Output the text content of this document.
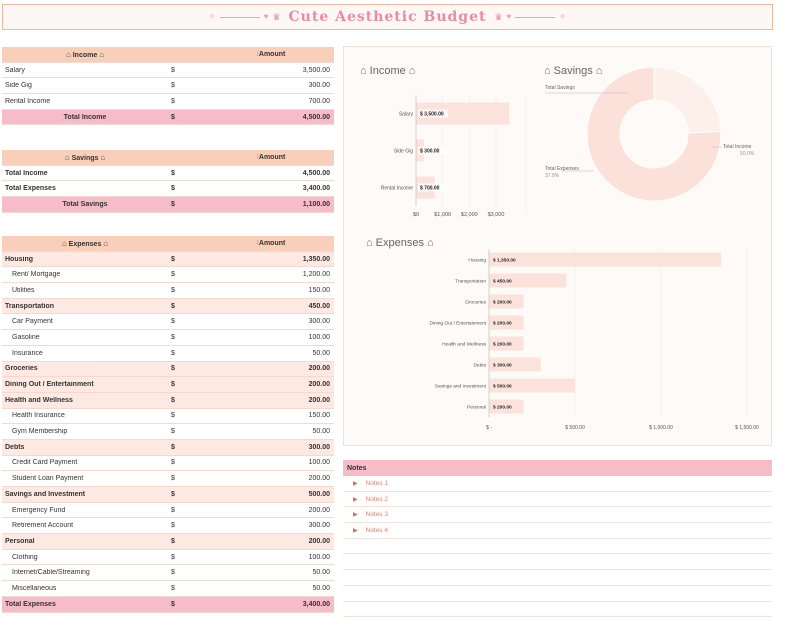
✧	♥ ♛ Cute Aesthetic Budget ♛ ♥	✧
⌂ Income ⌂	⁝Amount
Salary	$	3,500.00
Side Gig	$	300.00
Rental Income	$	700.00
Total Income	$	4,500.00
⌂ Savings ⌂	⁝Amount
Total Income	$	4,500.00
Total Expenses	$	3,400.00
Total Savings	$	1,100.00
⌂ Expenses ⌂	⁝Amount
Housing	$	1,350.00
Rent/ Mortgage	$	1,200.00
Utilities	$	150.00
Transportation	$	450.00
Car Payment	$	300.00
Gasoline	$	100.00
Insurance	$	50.00
Groceries	$	200.00
Dining Out / Entertainment	$	200.00
Health and Wellness	$	200.00
Health Insurance	$	150.00
Gym Membership	$	50.00
Debts	$	300.00
Credit Card Payment	$	100.00
Student Loan Payment	$	200.00
Savings and Investment	$	500.00
Emergency Fund	$	200.00
Retirement Account	$	300.00
Personal	$	200.00
Clothing	$	100.00
Internet/Cable/Streaming	$	50.00
Miscellaneous	$	50.00
Total Expenses	$	3,400.00
⌂ Income ⌂	⌂ Savings ⌂
⌂ Expenses ⌂
$0	$1,000 $2,000 $3,000
Salary $ 3,500.00
Side Gig $ 300.00
Rental Income $ 700.00
Total Savings
Total Income
50.0%
Total Expenses
37.8%
$ -	$ 500.00	$ 1,000.00	$ 1,500.00
Housing $ 1,350.00
Transportation $ 450.00
Groceries $ 200.00
Dining Out / Entertainment $ 200.00
Health and Wellness $ 200.00
Debts $ 300.00
Savings and Investment $ 500.00
Personal $ 200.00
Notes
▶ Notes 1
▶ Notes 2
▶ Notes 3
▶ Notes 4
